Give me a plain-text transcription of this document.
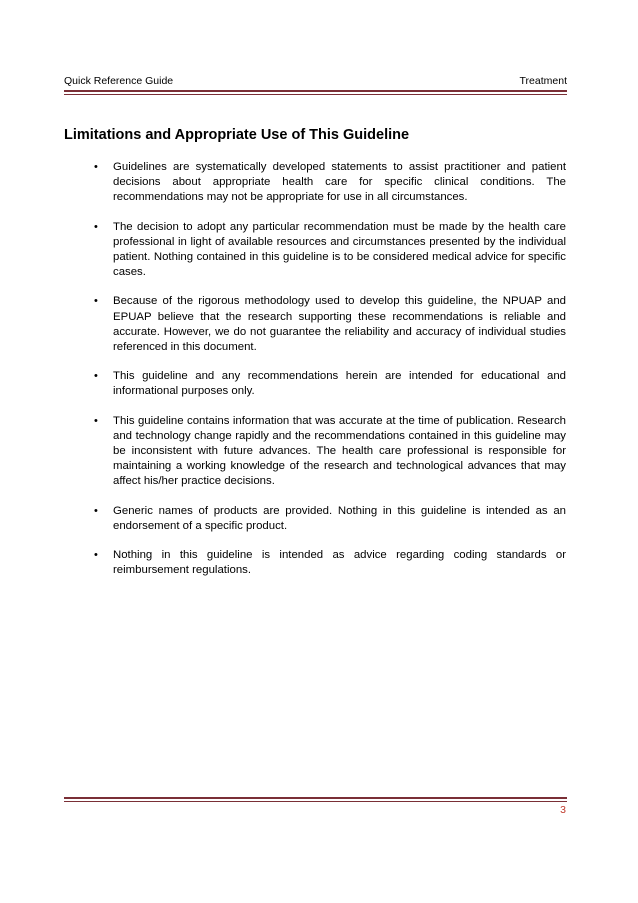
Quick Reference Guide	Treatment
Limitations and Appropriate Use of This Guideline
• Guidelines are systematically developed statements to assist practitioner and patient decisions about appropriate health care for specific clinical conditions. The recommendations may not be appropriate for use in all circumstances.
• The decision to adopt any particular recommendation must be made by the health care professional in light of available resources and circumstances presented by the individual patient. Nothing contained in this guideline is to be considered medical advice for specific cases.
• Because of the rigorous methodology used to develop this guideline, the NPUAP and EPUAP believe that the research supporting these recommendations is reliable and accurate. However, we do not guarantee the reliability and accuracy of individual studies referenced in this document.
• This guideline and any recommendations herein are intended for educational and informational purposes only.
• This guideline contains information that was accurate at the time of publication. Research and technology change rapidly and the recommendations contained in this guideline may be inconsistent with future advances. The health care professional is responsible for maintaining a working knowledge of the research and technological advances that may affect his/her practice decisions.
• Generic names of products are provided. Nothing in this guideline is intended as an endorsement of a specific product.
• Nothing in this guideline is intended as advice regarding coding standards or reimbursement regulations.
3
